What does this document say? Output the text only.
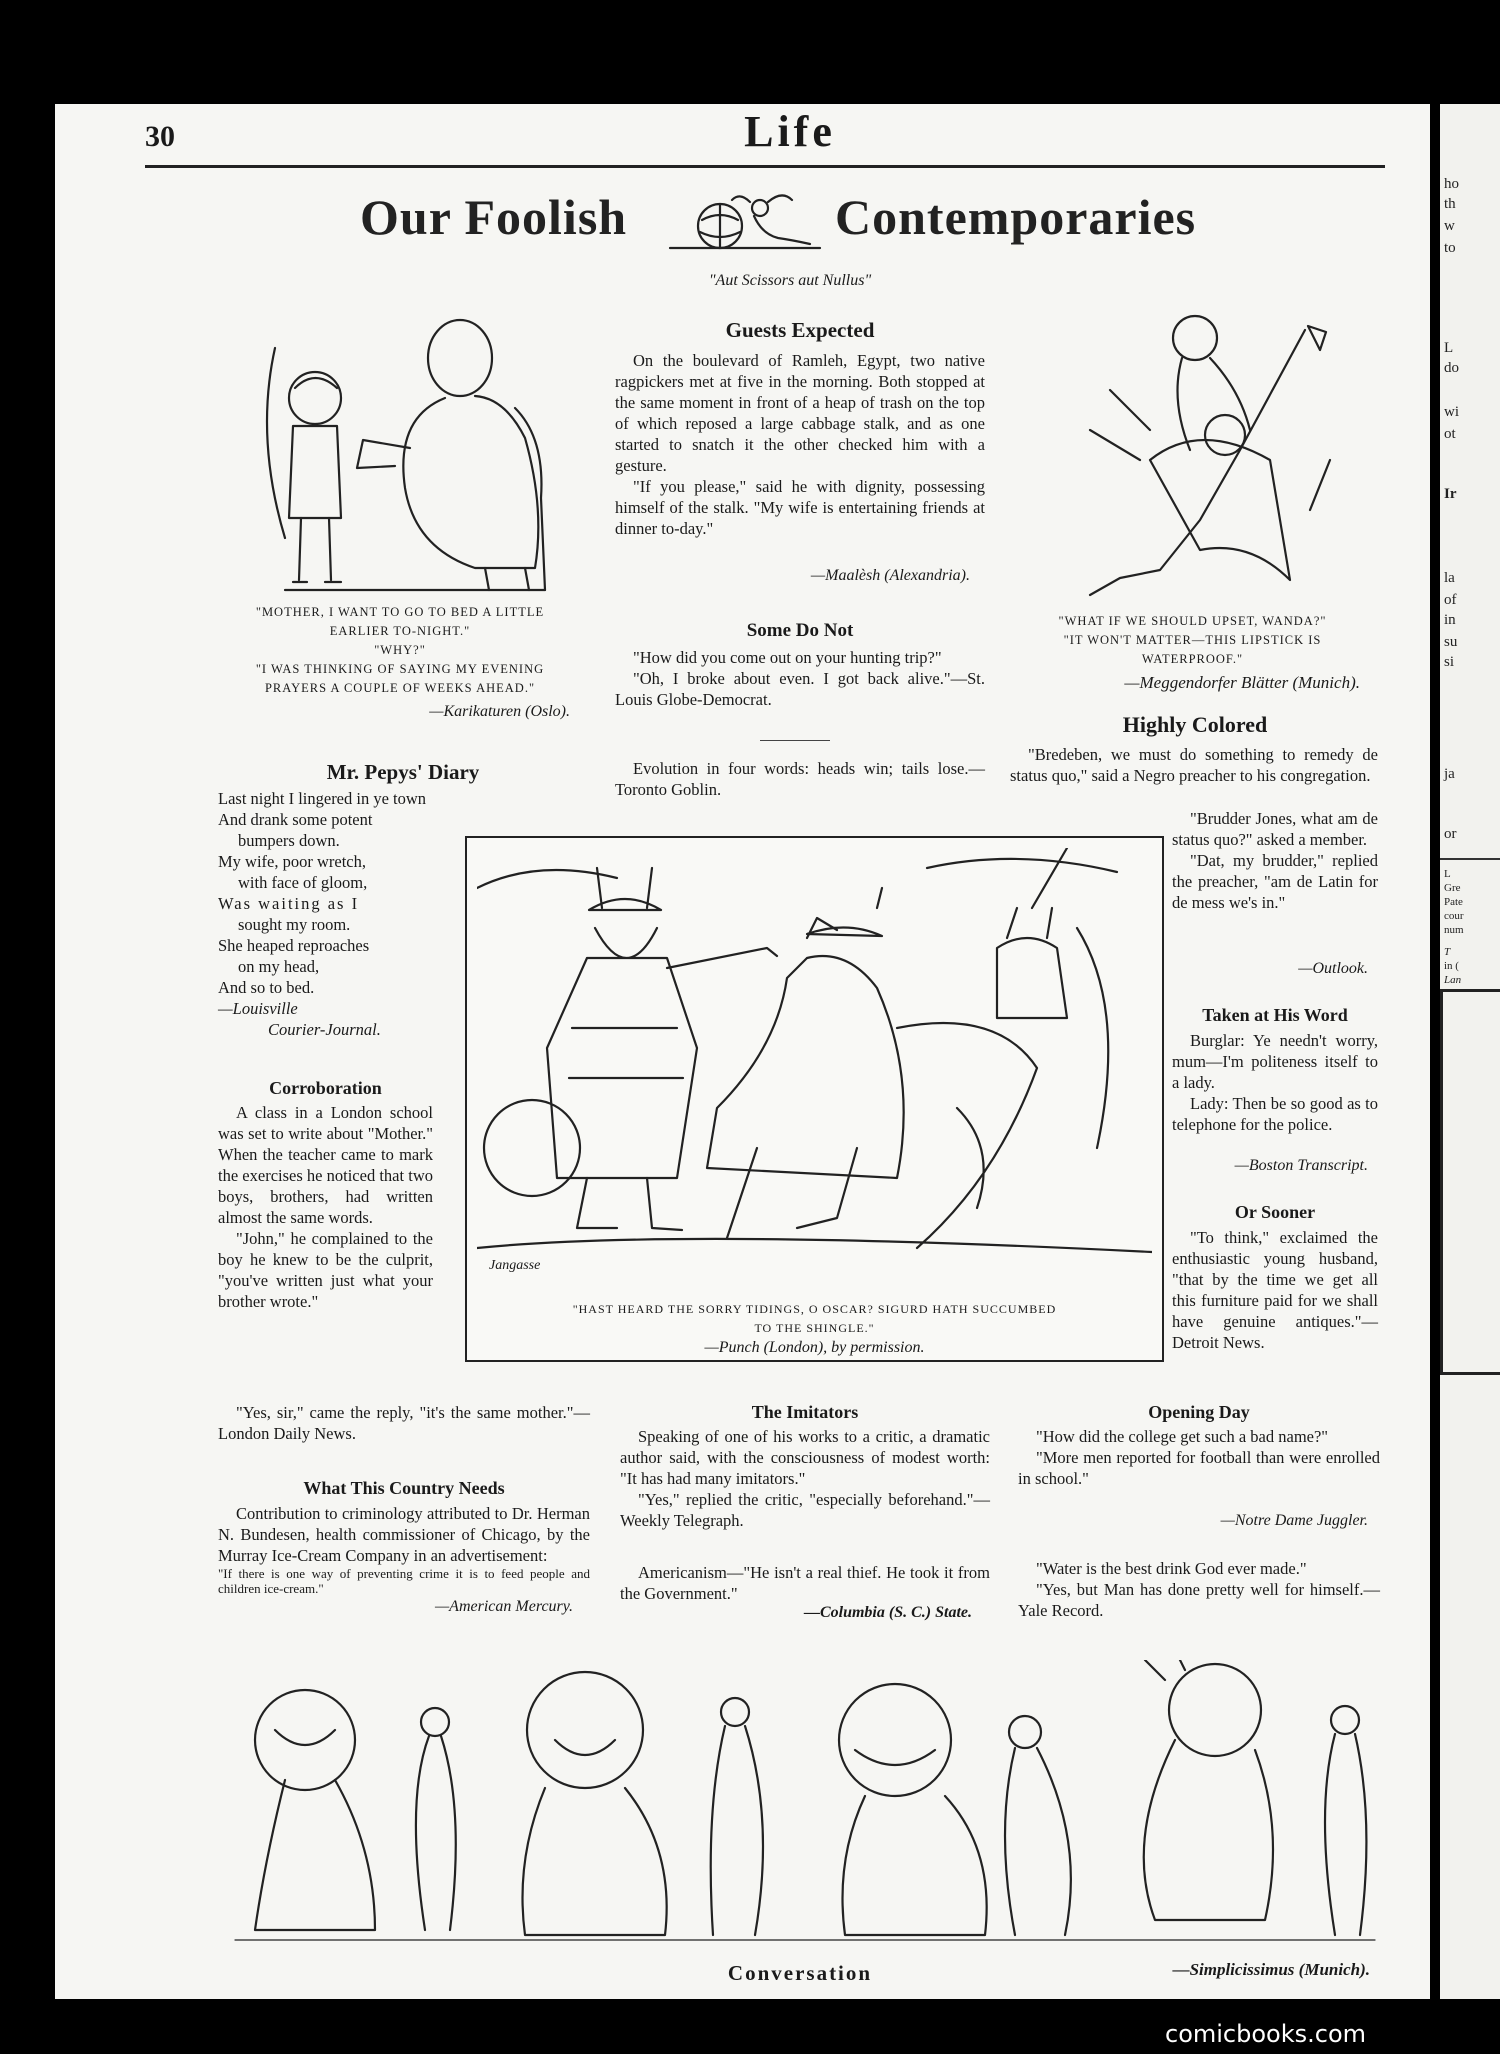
ho
th
w
to
L
do
wi
ot
Ir
la
of
in
su
si
ja
or
L
Gre
Pate
cour
num
T
in (
Lan
30	Life
Our Foolish	Contemporaries
"Aut Scissors aut Nullus"
"MOTHER, I WANT TO GO TO BED A LITTLE
EARLIER TO-NIGHT."
"WHY?"
"I WAS THINKING OF SAYING MY EVENING
PRAYERS A COUPLE OF WEEKS AHEAD."
—Karikaturen (Oslo).
Guests Expected

On the boulevard of Ramleh, Egypt, two native ragpickers met at five in the morning. Both stopped at the same moment in front of a heap of trash on the top of which reposed a large cabbage stalk, and as one started to snatch it the other checked him with a gesture.

"If you please," said he with dignity, possessing himself of the stalk. "My wife is entertaining friends at dinner to-day."

—Maalèsh (Alexandria).
Some Do Not

"How did you come out on your hunting trip?"

"Oh, I broke about even. I got back alive."—St. Louis Globe-Democrat.

Evolution in four words: heads win; tails lose.—Toronto Goblin.

"WHAT IF WE SHOULD UPSET, WANDA?"
"IT WON'T MATTER—THIS LIPSTICK IS
WATERPROOF."
—Meggendorfer Blätter (Munich).
Highly Colored

"Bredeben, we must do something to remedy de status quo," said a Negro preacher to his congregation.

"Brudder Jones, what am de status quo?" asked a member.

"Dat, my brudder," replied the preacher, "am de Latin for de mess we's in."

—Outlook.
Taken at His Word

Burglar: Ye needn't worry, mum—I'm politeness itself to a lady.

Lady: Then be so good as to telephone for the police.

—Boston Transcript.
Or Sooner

"To think," exclaimed the enthusiastic young husband, "that by the time we get all this furniture paid for we shall have genuine antiques."—Detroit News.

Mr. Pepys' Diary
Last night I lingered in ye town
And drank some potent
bumpers down.
My wife, poor wretch,
with face of gloom,
Was waiting as I
sought my room.
She heaped reproaches
on my head,
And so to bed.
—Louisville
Courier-Journal.
Corroboration

A class in a London school was set to write about "Mother." When the teacher came to mark the exercises he noticed that two boys, brothers, had written almost the same words.

"John," he complained to the boy he knew to be the culprit, "you've written just what your brother wrote."

"Yes, sir," came the reply, "it's the same mother."—London Daily News.

Jangasse
"HAST HEARD THE SORRY TIDINGS, O OSCAR? SIGURD HATH SUCCUMBED
TO THE SHINGLE."
—Punch (London), by permission.
What This Country Needs

Contribution to criminology attributed to Dr. Herman N. Bundesen, health commissioner of Chicago, by the Murray Ice-Cream Company in an advertisement:

"If there is one way of preventing crime it is to feed people and children ice-cream."
—American Mercury.
The Imitators

Speaking of one of his works to a critic, a dramatic author said, with the consciousness of modest worth: "It has had many imitators."

"Yes," replied the critic, "especially beforehand."—Weekly Telegraph.

Americanism—"He isn't a real thief. He took it from the Government."

—Columbia (S. C.) State.
Opening Day

"How did the college get such a bad name?"

"More men reported for football than were enrolled in school."

—Notre Dame Juggler.

"Water is the best drink God ever made."

"Yes, but Man has done pretty well for himself.—Yale Record.

Conversation	—Simplicissimus (Munich).
comicbooks.com
